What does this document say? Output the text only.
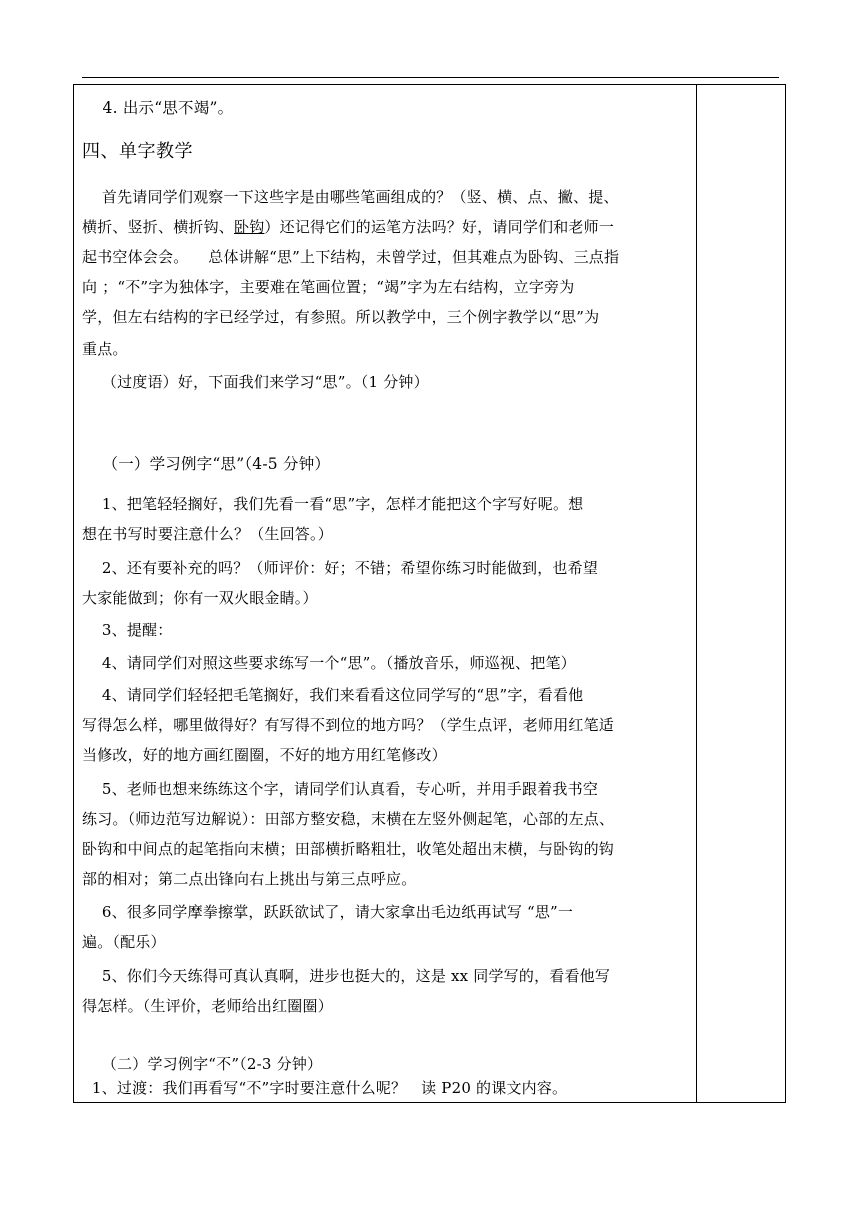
4. 出示“思不竭”。
四、单字教学
首先请同学们观察一下这些字是由哪些笔画组成的？（竖、横、点、撇、提、
横折、竖折、横折钩、卧钩）还记得它们的运笔方法吗？好，请同学们和老师一
起书空体会会。    总体讲解“思”上下结构，未曾学过，但其难点为卧钩、三点指
向 ；“不”字为独体字，主要难在笔画位置；“竭”字为左右结构，立字旁为
学，但左右结构的字已经学过，有参照。所以教学中，三个例字教学以“思”为
重点。
（过度语）好，下面我们来学习“思”。（1 分钟）
（一）学习例字“思”（4-5 分钟）
1、把笔轻轻搁好，我们先看一看“思”字，怎样才能把这个字写好呢。想
想在书写时要注意什么？（生回答。）
2、还有要补充的吗？（师评价：好；不错；希望你练习时能做到，也希望
大家能做到；你有一双火眼金睛。）
3、提醒：
4、请同学们对照这些要求练写一个“思”。（播放音乐，师巡视、把笔）
4、请同学们轻轻把毛笔搁好，我们来看看这位同学写的“思”字，看看他
写得怎么样，哪里做得好？有写得不到位的地方吗？（学生点评，老师用红笔适
当修改，好的地方画红圈圈，不好的地方用红笔修改）
5、老师也想来练练这个字，请同学们认真看，专心听，并用手跟着我书空
练习。（师边范写边解说）：田部方整安稳，末横在左竖外侧起笔，心部的左点、
卧钩和中间点的起笔指向末横；田部横折略粗壮，收笔处超出末横，与卧钩的钩
部的相对；第二点出锋向右上挑出与第三点呼应。
6、很多同学摩拳擦掌，跃跃欲试了，请大家拿出毛边纸再试写 “思”一
遍。（配乐）
5、你们今天练得可真认真啊，进步也挺大的，这是 xx 同学写的，看看他写
得怎样。（生评价，老师给出红圈圈）
（二）学习例字“不”（2-3 分钟）
1、过渡：我们再看写“不”字时要注意什么呢？   读 P20 的课文内容。
